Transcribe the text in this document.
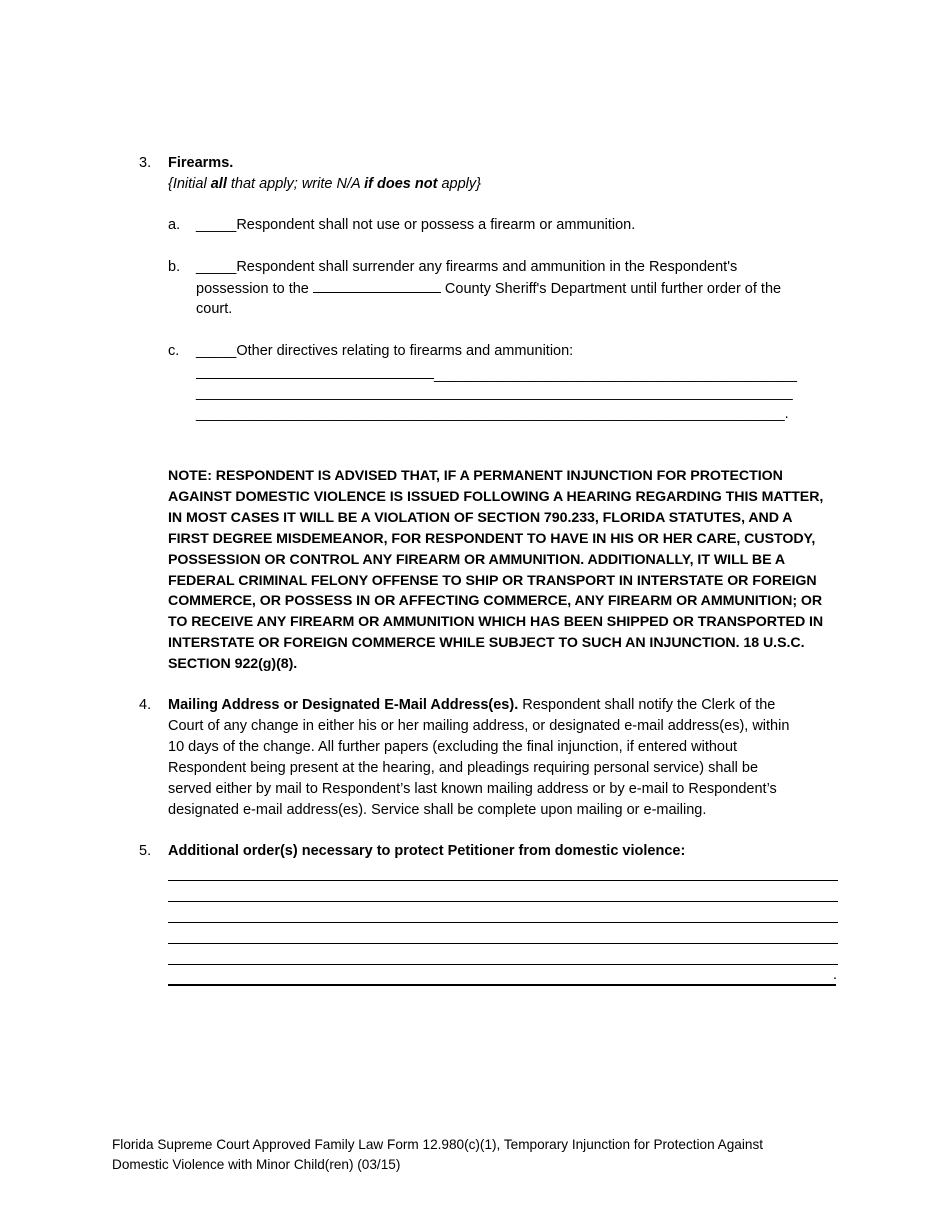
3. Firearms.
{Initial all that apply; write N/A if does not apply}
a. _____Respondent shall not use or possess a firearm or ammunition.
b. _____Respondent shall surrender any firearms and ammunition in the Respondent's
possession to the	County Sheriff's Department until further order of the
court.
c. _____Other directives relating to firearms and ammunition:
_____________________________________________
__________________________________________________________________________
_________________________________________________________________________.
NOTE: RESPONDENT IS ADVISED THAT, IF A PERMANENT INJUNCTION FOR PROTECTION
AGAINST DOMESTIC VIOLENCE IS ISSUED FOLLOWING A HEARING REGARDING THIS MATTER,
IN MOST CASES IT WILL BE A VIOLATION OF SECTION 790.233, FLORIDA STATUTES, AND A
FIRST DEGREE MISDEMEANOR, FOR RESPONDENT TO HAVE IN HIS OR HER CARE, CUSTODY,
POSSESSION OR CONTROL ANY FIREARM OR AMMUNITION. ADDITIONALLY, IT WILL BE A
FEDERAL CRIMINAL FELONY OFFENSE TO SHIP OR TRANSPORT IN INTERSTATE OR FOREIGN
COMMERCE, OR POSSESS IN OR AFFECTING COMMERCE, ANY FIREARM OR AMMUNITION; OR
TO RECEIVE ANY FIREARM OR AMMUNITION WHICH HAS BEEN SHIPPED OR TRANSPORTED IN
INTERSTATE OR FOREIGN COMMERCE WHILE SUBJECT TO SUCH AN INJUNCTION. 18 U.S.C.
SECTION 922(g)(8).
4. Mailing Address or Designated E-Mail Address(es). Respondent shall notify the Clerk of the
Court of any change in either his or her mailing address, or designated e-mail address(es), within
10 days of the change. All further papers (excluding the final injunction, if entered without
Respondent being present at the hearing, and pleadings requiring personal service) shall be
served either by mail to Respondent’s last known mailing address or by e-mail to Respondent’s
designated e-mail address(es). Service shall be complete upon mailing or e-mailing.
5. Additional order(s) necessary to protect Petitioner from domestic violence:
.
Florida Supreme Court Approved Family Law Form 12.980(c)(1), Temporary Injunction for Protection Against
Domestic Violence with Minor Child(ren) (03/15)
